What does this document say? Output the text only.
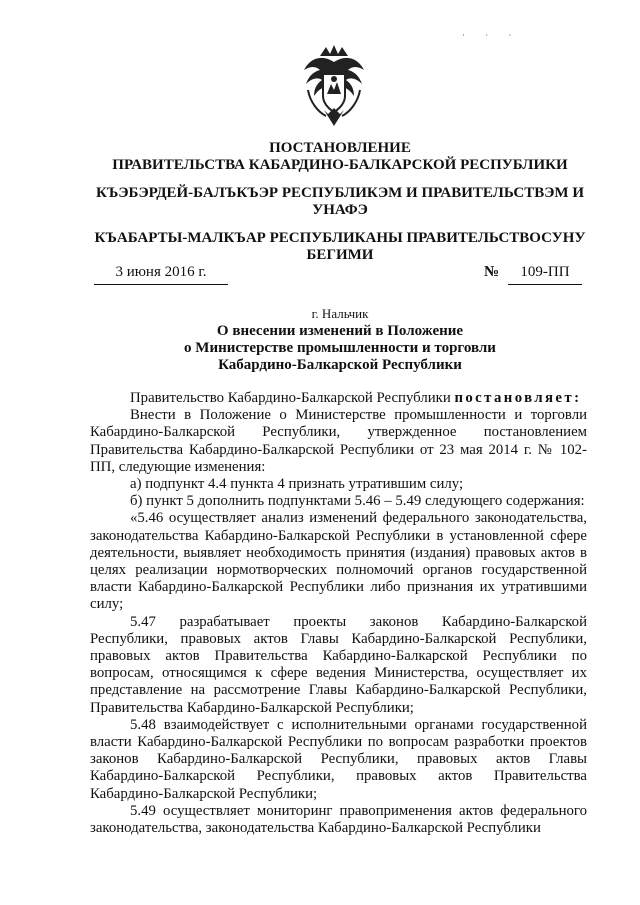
· · ·
ПОСТАНОВЛЕНИЕ
ПРАВИТЕЛЬСТВА КАБАРДИНО-БАЛКАРСКОЙ РЕСПУБЛИКИ
КЪЭБЭРДЕЙ-БАЛЪКЪЭР РЕСПУБЛИКЭМ И ПРАВИТЕЛЬСТВЭМ И
УНАФЭ
КЪАБАРТЫ-МАЛКЪАР РЕСПУБЛИКАНЫ ПРАВИТЕЛЬСТВОСУНУ
БЕГИМИ
3 июня 2016 г.	№	109-ПП
г. Нальчик
О внесении изменений в Положение
о Министерстве промышленности и торговли
Кабардино-Балкарской Республики

Правительство Кабардино-Балкарской Республики постановляет:

Внести в Положение о Министерстве промышленности и торговли Кабардино-Балкарской Республики, утвержденное постановлением Правительства Кабардино-Балкарской Республики от 23 мая 2014 г. № 102-ПП, следующие изменения:

а) подпункт 4.4 пункта 4 признать утратившим силу;

б) пункт 5 дополнить подпунктами 5.46 – 5.49 следующего содержания:

«5.46 осуществляет анализ изменений федерального законодательства, законодательства Кабардино-Балкарской Республики в установленной сфере деятельности, выявляет необходимость принятия (издания) правовых актов в целях реализации нормотворческих полномочий органов государственной власти Кабардино-Балкарской Республики либо признания их утратившими силу;

5.47 разрабатывает проекты законов Кабардино-Балкарской Республики, правовых актов Главы Кабардино-Балкарской Республики, правовых актов Правительства Кабардино-Балкарской Республики по вопросам, относящимся к сфере ведения Министерства, осуществляет их представление на рассмотрение Главы Кабардино-Балкарской Республики, Правительства Кабардино-Балкарской Республики;

5.48 взаимодействует с исполнительными органами государственной власти Кабардино-Балкарской Республики по вопросам разработки проектов законов Кабардино-Балкарской Республики, правовых актов Главы Кабардино-Балкарской Республики, правовых актов Правительства Кабардино-Балкарской Республики;

5.49 осуществляет мониторинг правоприменения актов федерального законодательства, законодательства Кабардино-Балкарской Республики
